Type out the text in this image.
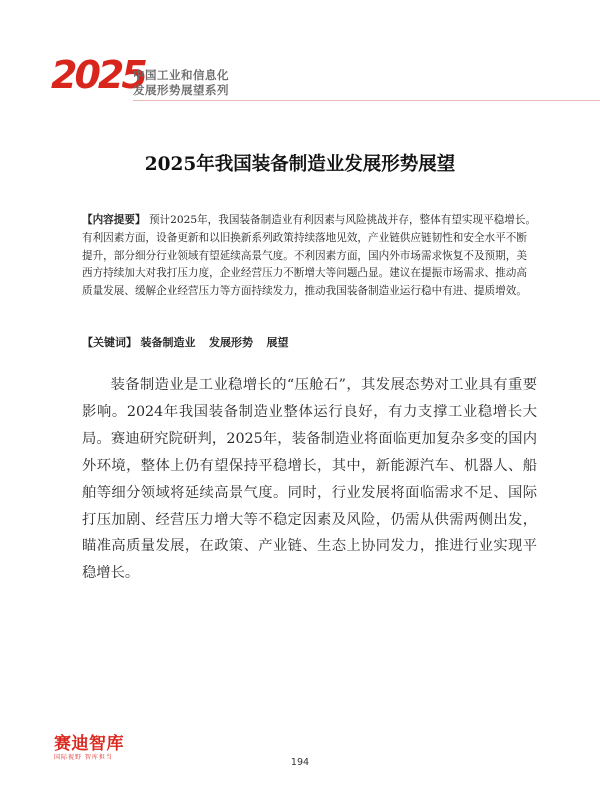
2025
中国工业和信息化
发展形势展望系列
2025年我国装备制造业发展形势展望
【内容提要】 预计2025年，我国装备制造业有利因素与风险挑战并存，整体有望实现平稳增长。有利因素方面，设备更新和以旧换新系列政策持续落地见效，产业链供应链韧性和安全水平不断提升，部分细分行业领域有望延续高景气度。不利因素方面，国内外市场需求恢复不及预期，美西方持续加大对我打压力度，企业经营压力不断增大等问题凸显。建议在提振市场需求、推动高质量发展、缓解企业经营压力等方面持续发力，推动我国装备制造业运行稳中有进、提质增效。
【关键词】 装备制造业 发展形势 展望
装备制造业是工业稳增长的“压舱石”，其发展态势对工业具有重要影响。2024年我国装备制造业整体运行良好，有力支撑工业稳增长大局。赛迪研究院研判，2025年，装备制造业将面临更加复杂多变的国内外环境，整体上仍有望保持平稳增长，其中，新能源汽车、机器人、船舶等细分领域将延续高景气度。同时，行业发展将面临需求不足、国际打压加剧、经营压力增大等不稳定因素及风险，仍需从供需两侧出发，瞄准高质量发展，在政策、产业链、生态上协同发力，推进行业实现平稳增长。
赛迪智库
国际视野 智库担当	194
